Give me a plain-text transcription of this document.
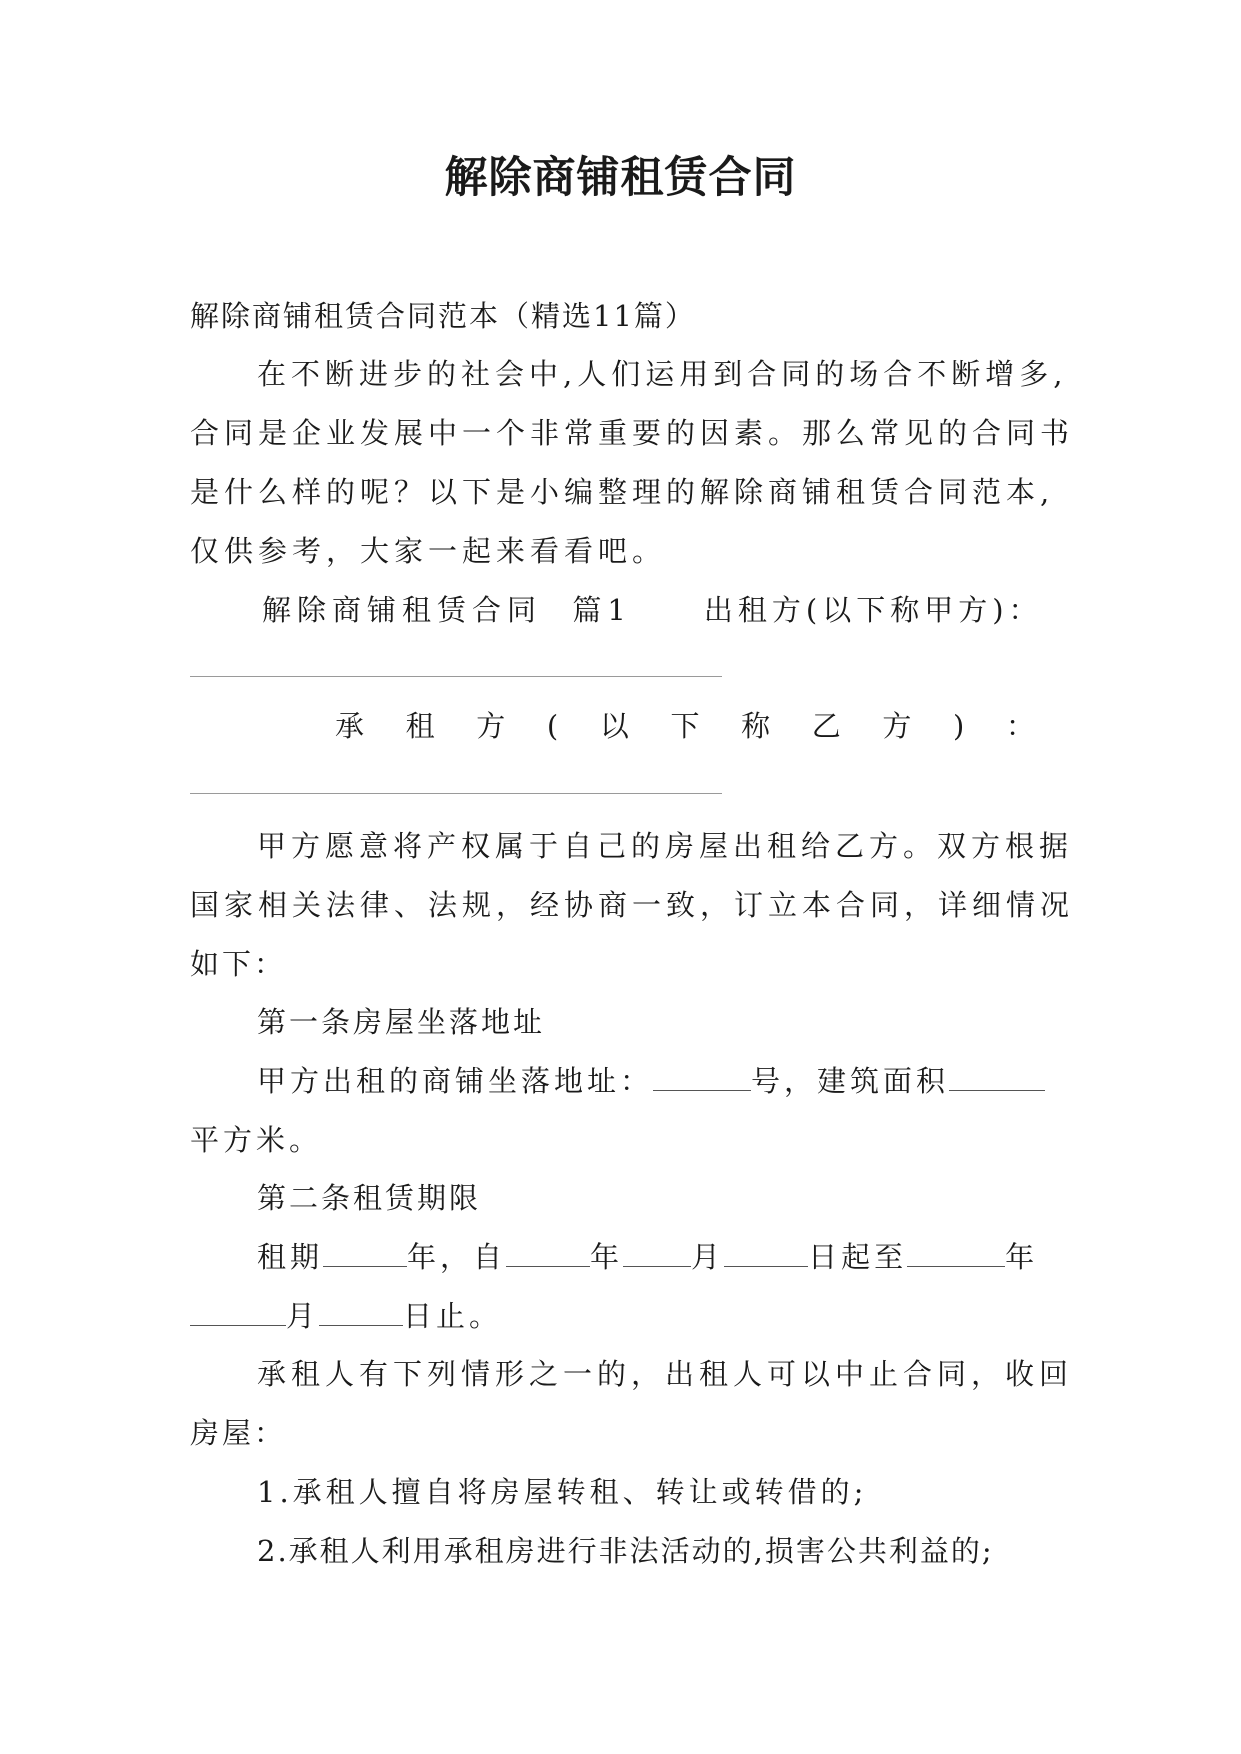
解除商铺租赁合同
解除商铺租赁合同范本（精选11篇）
在不断进步的社会中,人们运用到合同的场合不断增多,
合同是企业发展中一个非常重要的因素。那么常见的合同书
是什么样的呢？以下是小编整理的解除商铺租赁合同范本,
仅供参考，大家一起来看看吧。
解除商铺租赁合同  篇1 出租方(以下称甲方)：
承 租 方 ( 以 下 称 乙 方 ) ：
甲方愿意将产权属于自己的房屋出租给乙方。双方根据
国家相关法律、法规，经协商一致，订立本合同，详细情况
如下：
第一条房屋坐落地址
甲方出租的商铺坐落地址：	号，建筑面积
平方米。
第二条租赁期限
租期	年，自	年 月	日起至	年
月	日止。
承租人有下列情形之一的，出租人可以中止合同，收回
房屋：
1.承租人擅自将房屋转租、转让或转借的;
2.承租人利用承租房进行非法活动的,损害公共利益的;
